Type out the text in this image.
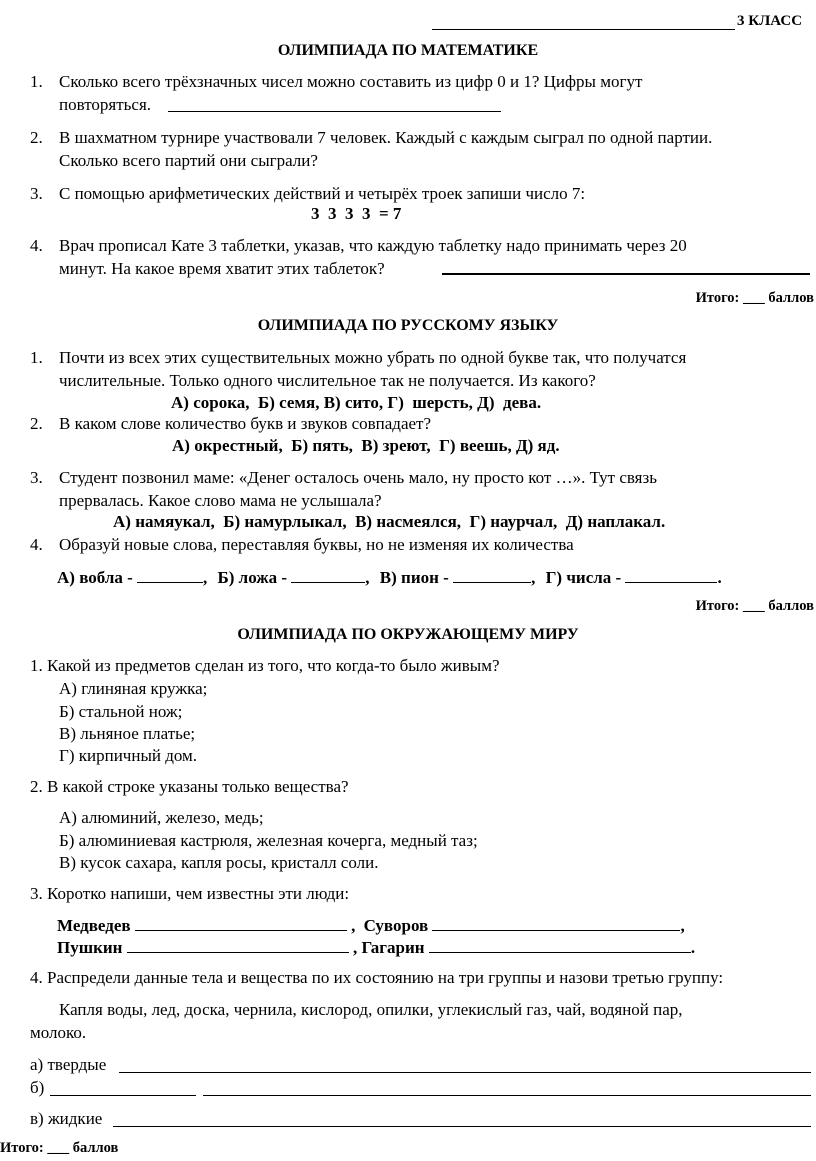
3 КЛАСС
ОЛИМПИАДА ПО МАТЕМАТИКЕ
1. Сколько всего трёхзначных чисел можно составить из цифр 0 и 1? Цифры могут
повторяться.
2. В шахматном турнире участвовали 7 человек. Каждый с каждым сыграл по одной партии.
Сколько всего партий они сыграли?
3. С помощью арифметических действий и четырёх троек запиши число 7:
3  3  3  3  = 7
4. Врач прописал Кате 3 таблетки, указав, что каждую таблетку надо принимать через 20
минут. На какое время хватит этих таблеток?
Итого: ___ баллов
ОЛИМПИАДА ПО РУССКОМУ ЯЗЫКУ
1. Почти из всех этих существительных можно убрать по одной букве так, что получатся
числительные. Только одного числительное так не получается. Из какого?
А) сорока,  Б) семя, В) сито, Г)  шерсть, Д)  дева.
2. В каком слове количество букв и звуков совпадает?
А) окрестный,  Б) пять,  В) зреют,  Г) веешь, Д) яд.
3. Студент позвонил маме: «Денег осталось очень мало, ну просто кот …». Тут связь
прервалась. Какое слово мама не услышала?
А) намяукал,  Б) намурлыкал,  В) насмеялся,  Г) наурчал,  Д) наплакал.
4. Образуй новые слова, переставляя буквы, но не изменяя их количества
А) вобла -	, Б) ложа -	, В) пион -	, Г) числа -	.
Итого: ___ баллов
ОЛИМПИАДА ПО ОКРУЖАЮЩЕМУ МИРУ
1. Какой из предметов сделан из того, что когда-то было живым?
А) глиняная кружка;
Б) стальной нож;
В) льняное платье;
Г) кирпичный дом.
2. В какой строке указаны только вещества?
А) алюминий, железо, медь;
Б) алюминиевая кастрюля, железная кочерга, медный таз;
В) кусок сахара, капля росы, кристалл соли.
3. Коротко напиши, чем известны эти люди:
Медведев	, Суворов	,
Пушкин	, Гагарин	.
4. Распредели данные тела и вещества по их состоянию на три группы и назови третью группу:
Капля воды, лед, доска, чернила, кислород, опилки, углекислый газ, чай, водяной пар,
молоко.
а) твердые
б)
в) жидкие
Итого: ___ баллов
